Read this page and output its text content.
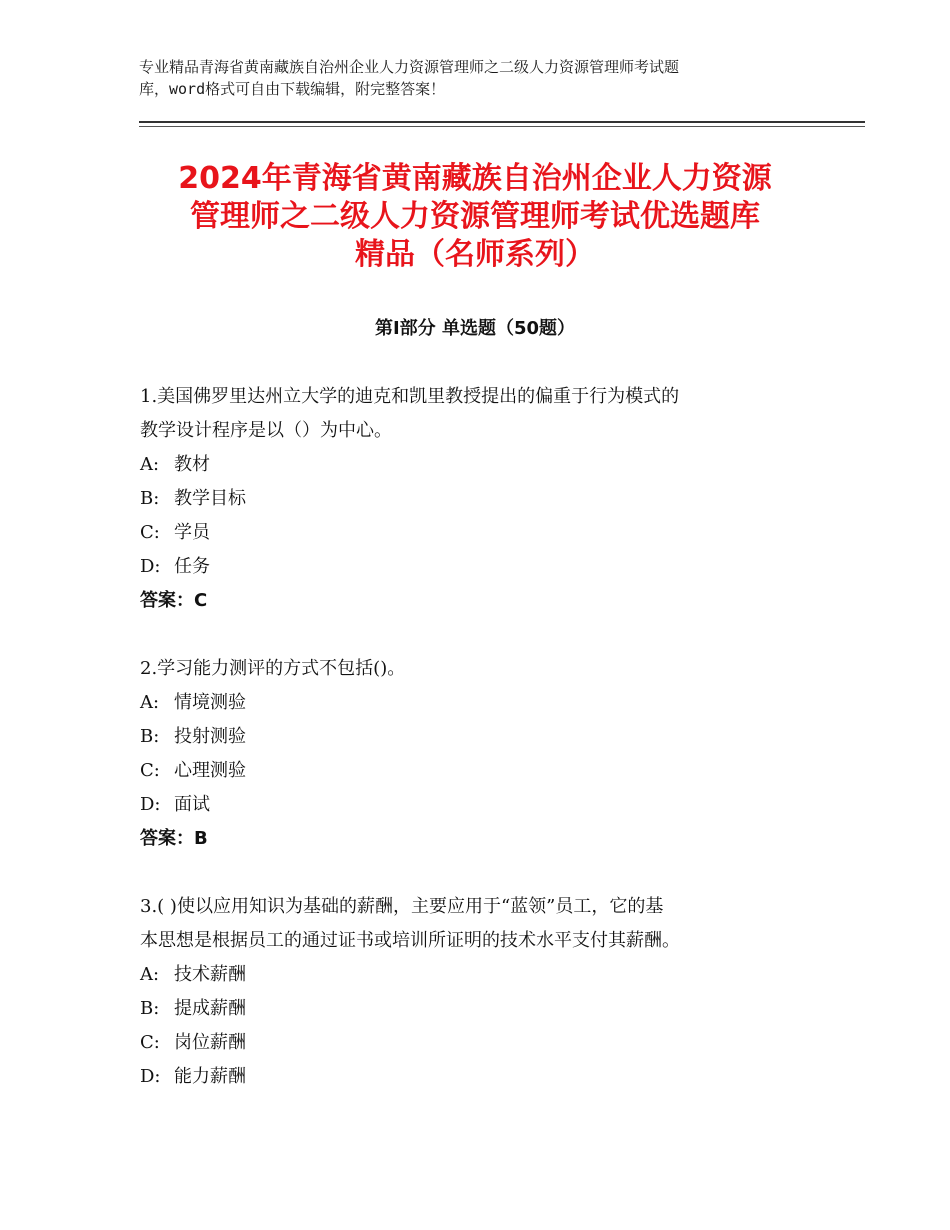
专业精品青海省黄南藏族自治州企业人力资源管理师之二级人力资源管理师考试题
库，word格式可自由下载编辑，附完整答案！
2024年青海省黄南藏族自治州企业人力资源
管理师之二级人力资源管理师考试优选题库
精品（名师系列）
第Ⅰ部分 单选题（50题）

1.美国佛罗里达州立大学的迪克和凯里教授提出的偏重于行为模式的
教学设计程序是以（）为中心。

A: 教材

B: 教学目标

C: 学员

D: 任务

答案：C

2.学习能力测评的方式不包括()。

A: 情境测验

B: 投射测验

C: 心理测验

D: 面试

答案：B

3.( )使以应用知识为基础的薪酬，主要应用于“蓝领”员工，它的基
本思想是根据员工的通过证书或培训所证明的技术水平支付其薪酬。

A: 技术薪酬

B: 提成薪酬

C: 岗位薪酬

D: 能力薪酬
